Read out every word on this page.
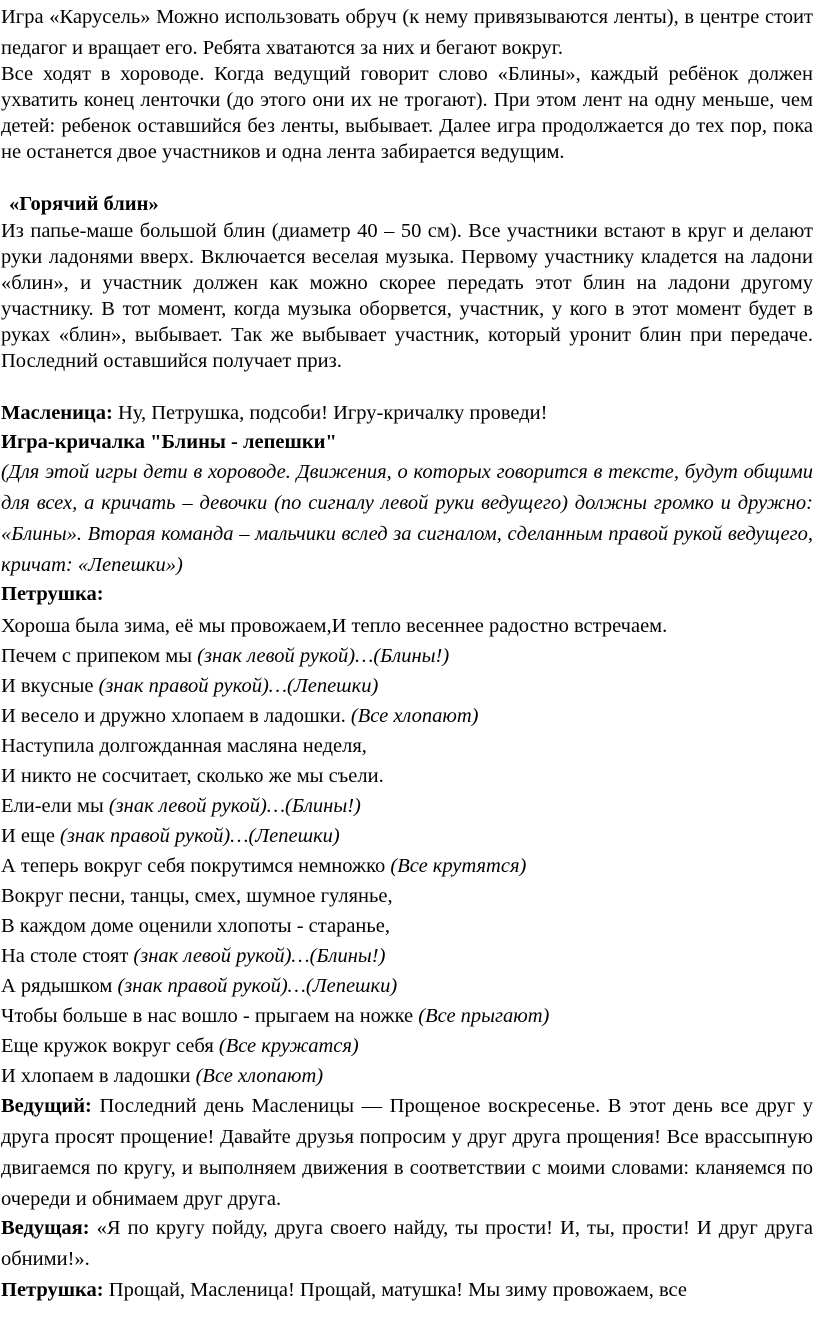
Игра «Карусель» Можно использовать обруч (к нему привязываются ленты), в центре стоит педагог и вращает его. Ребята хватаются за них и бегают вокруг.

Все ходят в хороводе. Когда ведущий говорит слово «Блины», каждый ребёнок должен ухватить конец ленточки (до этого они их не трогают). При этом лент на одну меньше, чем детей: ребенок оставшийся без ленты, выбывает. Далее игра продолжается до тех пор, пока не останется двое участников и одна лента забирается ведущим.

«Горячий блин»

Из папье-маше большой блин (диаметр 40 – 50 см). Все участники встают в круг и делают руки ладонями вверх. Включается веселая музыка. Первому участнику кладется на ладони «блин», и участник должен как можно скорее передать этот блин на ладони другому участнику. В тот момент, когда музыка оборвется, участник, у кого в этот момент будет в руках «блин», выбывает. Так же выбывает участник, который уронит блин при передаче. Последний оставшийся получает приз.

Масленица: Ну, Петрушка, подсоби! Игру-кричалку проведи!

Игра-кричалка "Блины - лепешки"

(Для этой игры дети в хороводе. Движения, о которых говорится в тексте, будут общими для всех, а кричать – девочки (по сигналу левой руки ведущего) должны громко и дружно: «Блины». Вторая команда – мальчики вслед за сигналом, сделанным правой рукой ведущего, кричат: «Лепешки»)

Петрушка:

Хороша была зима, её мы провожаем,И тепло весеннее радостно встречаем.
Печем с припеком мы (знак левой рукой)…(Блины!)
И вкусные (знак правой рукой)…(Лепешки)
И весело и дружно хлопаем в ладошки. (Все хлопают)
Наступила долгожданная масляна неделя,
И никто не сосчитает, сколько же мы съели.
Ели-ели мы (знак левой рукой)…(Блины!)
И еще (знак правой рукой)…(Лепешки)
А теперь вокруг себя покрутимся немножко (Все крутятся)
Вокруг песни, танцы, смех, шумное гулянье,
В каждом доме оценили хлопоты - старанье,
На столе стоят (знак левой рукой)…(Блины!)
А рядышком (знак правой рукой)…(Лепешки)
Чтобы больше в нас вошло - прыгаем на ножке (Все прыгают)
Еще кружок вокруг себя (Все кружатся)
И хлопаем в ладошки (Все хлопают)

Ведущий: Последний день Масленицы — Прощеное воскресенье. В этот день все друг у друга просят прощение! Давайте друзья попросим у друг друга прощения! Все врассыпную двигаемся по кругу, и выполняем движения в соответствии с моими словами: кланяемся по очереди и обнимаем друг друга.

Ведущая: «Я по кругу пойду, друга своего найду, ты прости! И, ты, прости! И друг друга обними!».

Петрушка: Прощай, Масленица! Прощай, матушка! Мы зиму провожаем, все
